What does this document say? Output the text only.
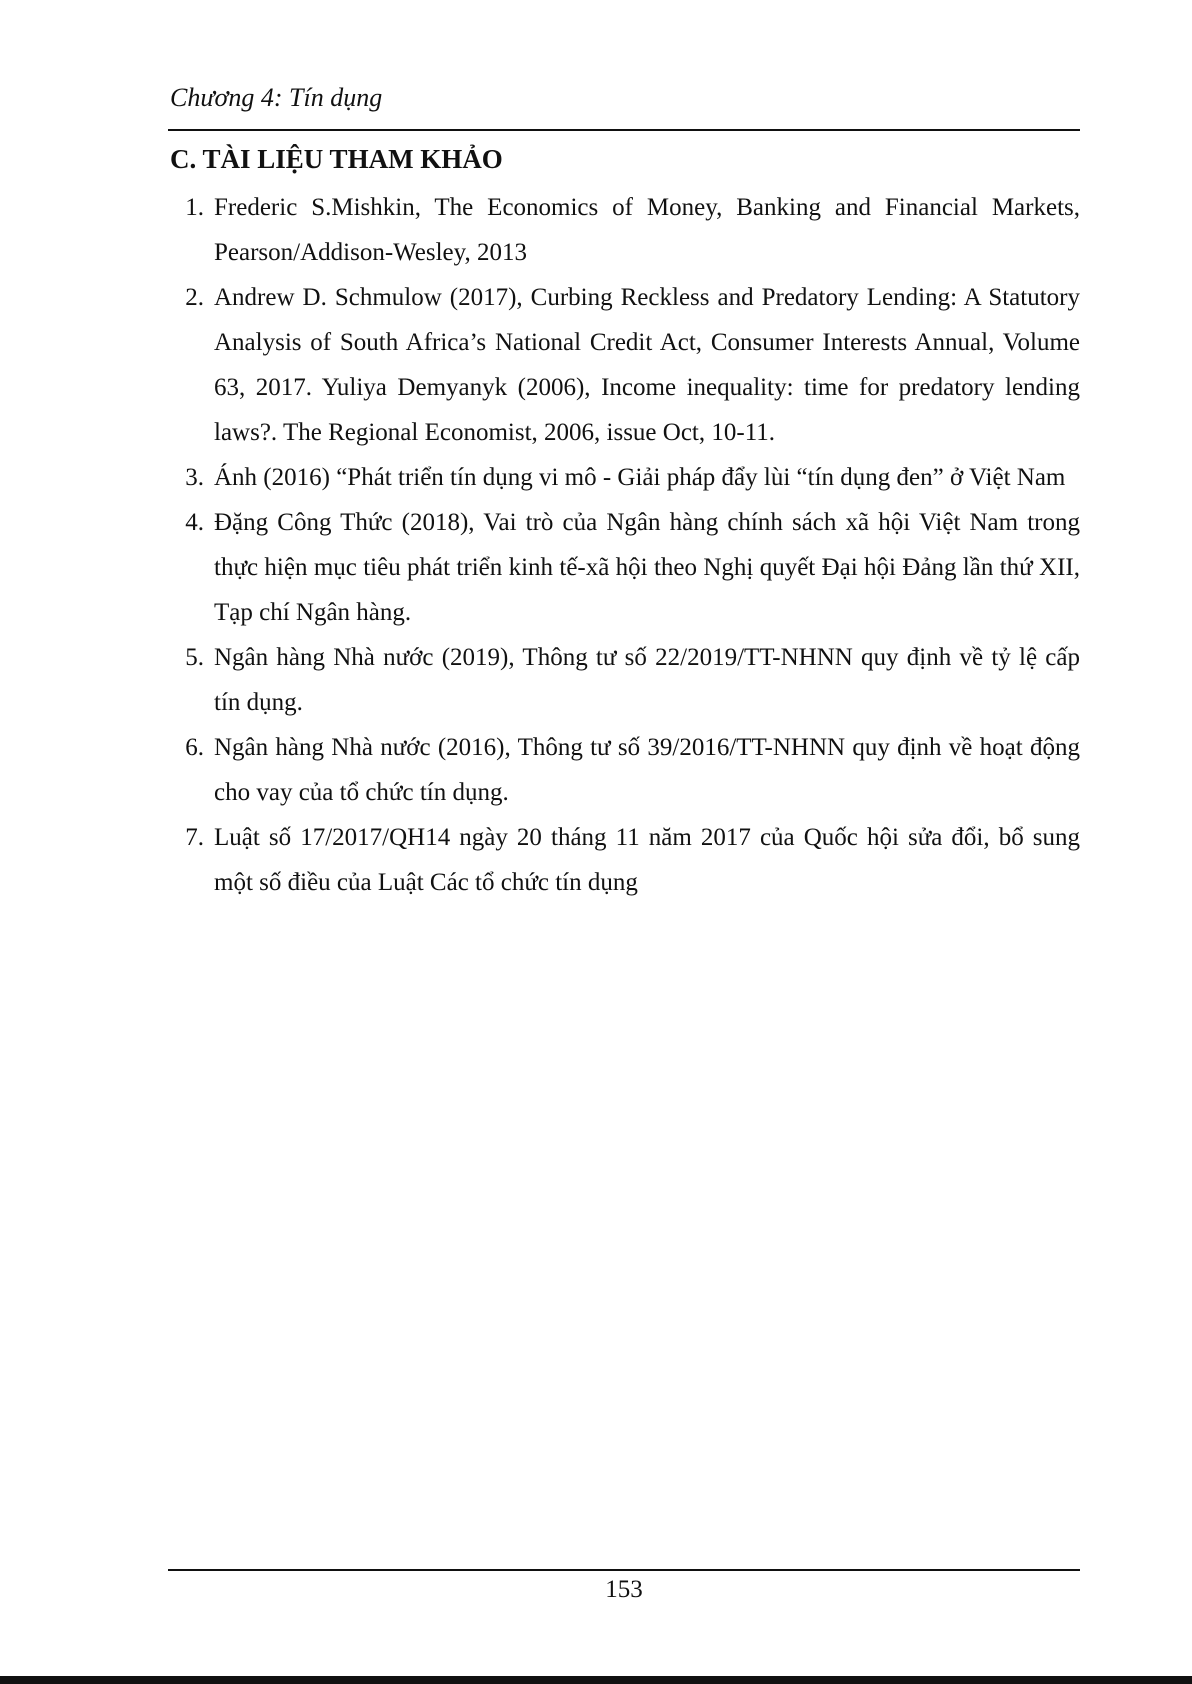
Chương 4: Tín dụng
C. TÀI LIỆU THAM KHẢO
1. Frederic S.Mishkin, The Economics of Money, Banking and Financial Markets, Pearson/Addison-Wesley, 2013
2. Andrew D. Schmulow (2017), Curbing Reckless and Predatory Lending: A Statutory Analysis of South Africa’s National Credit Act, Consumer Interests Annual, Volume 63, 2017. Yuliya Demyanyk (2006), Income inequality: time for predatory lending laws?. The Regional Economist, 2006, issue Oct, 10-11.
3. Ánh (2016) “Phát triển tín dụng vi mô - Giải pháp đẩy lùi “tín dụng đen” ở Việt Nam
4. Đặng Công Thức (2018), Vai trò của Ngân hàng chính sách xã hội Việt Nam trong thực hiện mục tiêu phát triển kinh tế-xã hội theo Nghị quyết Đại hội Đảng lần thứ XII, Tạp chí Ngân hàng.
5. Ngân hàng Nhà nước (2019), Thông tư số 22/2019/TT-NHNN quy định về tỷ lệ cấp tín dụng.
6. Ngân hàng Nhà nước (2016), Thông tư số 39/2016/TT-NHNN quy định về hoạt động cho vay của tổ chức tín dụng.
7. Luật số 17/2017/QH14 ngày 20 tháng 11 năm 2017 của Quốc hội sửa đổi, bổ sung một số điều của Luật Các tổ chức tín dụng
153
